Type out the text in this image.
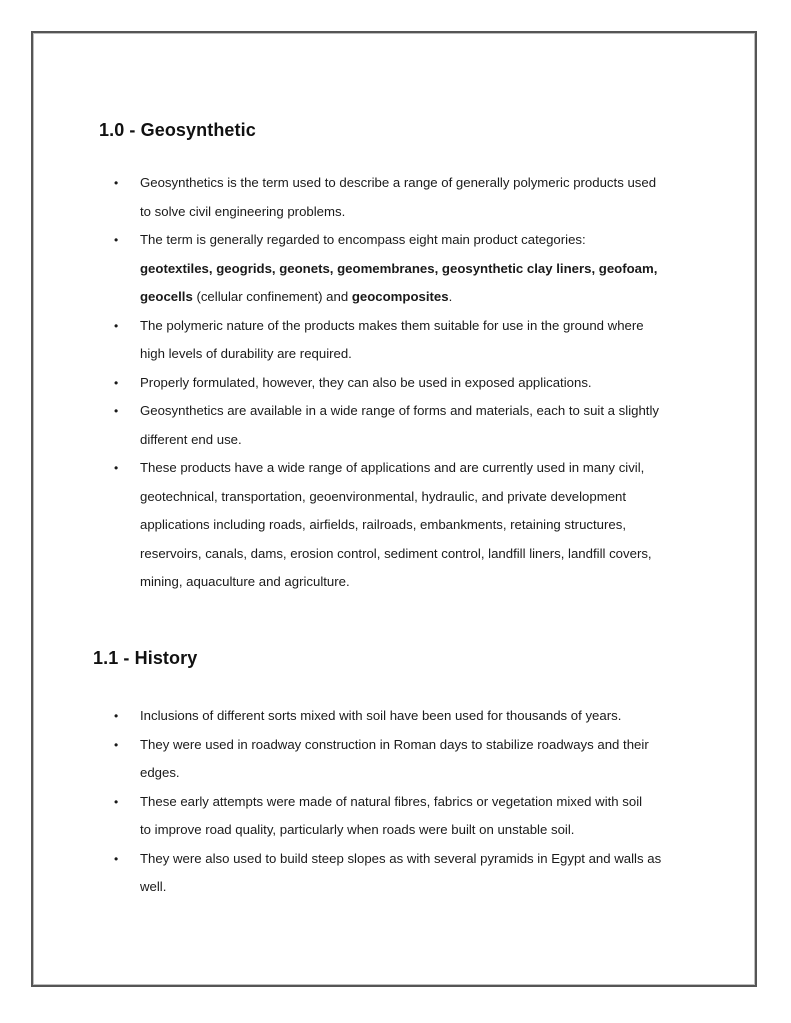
1.0 - Geosynthetic
• Geosynthetics is the term used to describe a range of generally polymeric products used
to solve civil engineering problems.
• The term is generally regarded to encompass eight main product categories:
geotextiles, geogrids, geonets, geomembranes, geosynthetic clay liners, geofoam,
geocells (cellular confinement) and geocomposites.
• The polymeric nature of the products makes them suitable for use in the ground where
high levels of durability are required.
• Properly formulated, however, they can also be used in exposed applications.
• Geosynthetics are available in a wide range of forms and materials, each to suit a slightly
different end use.
• These products have a wide range of applications and are currently used in many civil,
geotechnical, transportation, geoenvironmental, hydraulic, and private development
applications including roads, airfields, railroads, embankments, retaining structures,
reservoirs, canals, dams, erosion control, sediment control, landfill liners, landfill covers,
mining, aquaculture and agriculture.
1.1 - History
• Inclusions of different sorts mixed with soil have been used for thousands of years.
• They were used in roadway construction in Roman days to stabilize roadways and their
edges.
• These early attempts were made of natural fibres, fabrics or vegetation mixed with soil
to improve road quality, particularly when roads were built on unstable soil.
• They were also used to build steep slopes as with several pyramids in Egypt and walls as
well.
